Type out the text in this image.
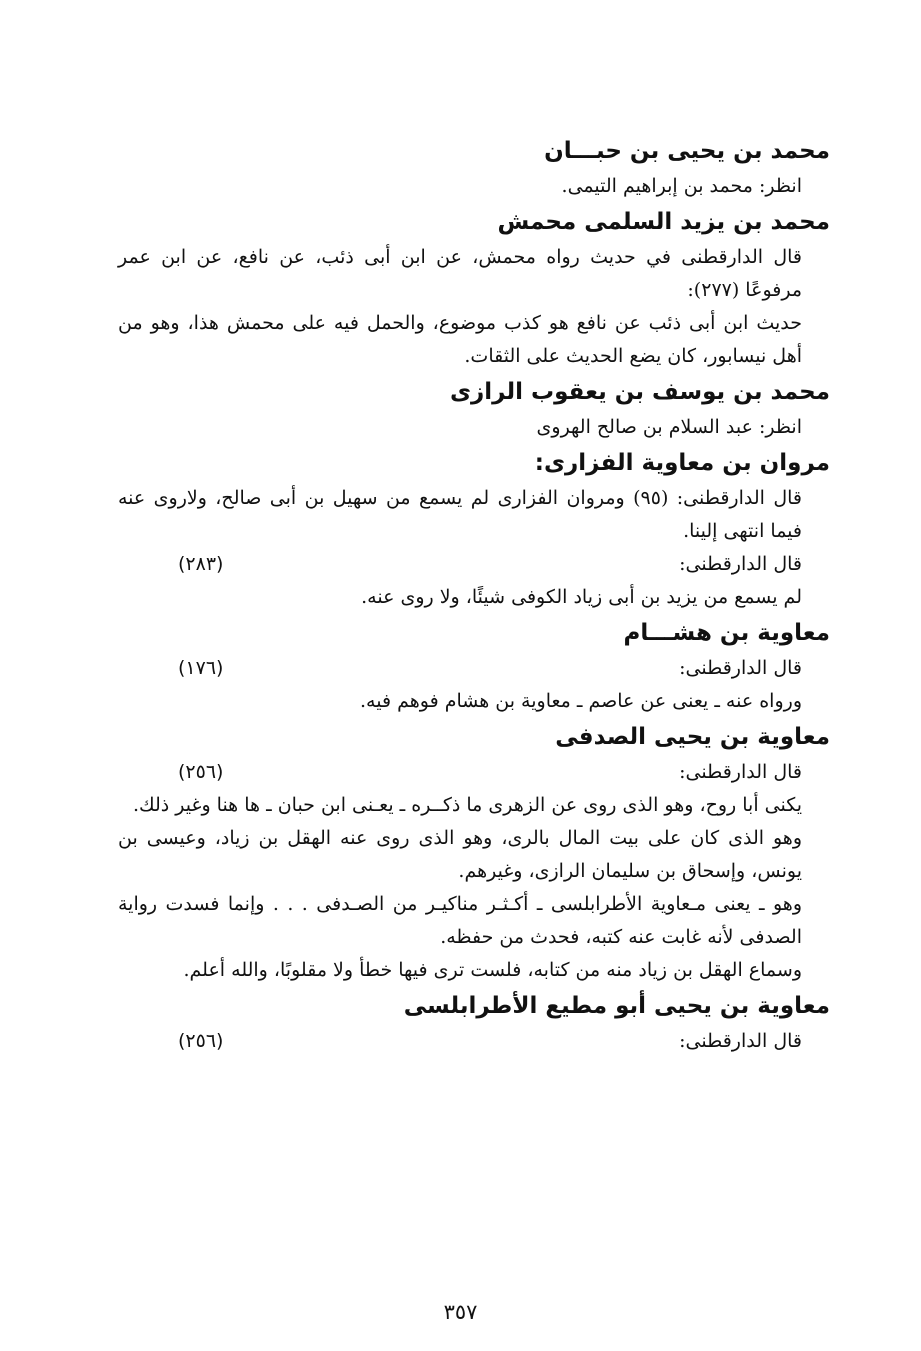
محمد بن يحيى بن حبـــان

انظر: محمد بن إبراهيم التيمى.

محمد بن يزيد السلمى محمش

قال الدارقطنى في حديث رواه محمش، عن ابن أبى ذئب، عن نافع، عن ابن عمر مرفوعًا (٢٧٧):

حديث ابن أبى ذئب عن نافع هو كذب موضوع، والحمل فيه على محمش هذا، وهو من أهل نيسابور، كان يضع الحديث على الثقات.

محمد بن يوسف بن يعقوب الرازى

انظر: عبد السلام بن صالح الهروى

مروان بن معاوية الفزارى:

قال الدارقطنى: (٩٥) ومروان الفزارى لم يسمع من سهيل بن أبى صالح، ولاروى عنه فيما انتهى إلينا.

قال الدارقطنى:
(٢٨٣)

لم يسمع من يزيد بن أبى زياد الكوفى شيئًا، ولا روى عنه.

معاوية بن هشـــام
قال الدارقطنى:
(١٧٦)

ورواه عنه ـ يعنى عن عاصم ـ معاوية بن هشام فوهم فيه.

معاوية بن يحيى الصدفى
قال الدارقطنى:
(٢٥٦)

يكنى أبا روح، وهو الذى روى عن الزهرى ما ذكــره ـ يعـنى ابن حبان ـ ها هنا وغير ذلك.

وهو الذى كان على بيت المال بالرى، وهو الذى روى عنه الهقل بن زياد، وعيسى بن يونس، وإسحاق بن سليمان الرازى، وغيرهم.

وهو ـ يعنى مـعاوية الأطرابلسى ـ أكـثـر مناكيـر من الصـدفى . . . وإنما فسدت رواية الصدفى لأنه غابت عنه كتبه، فحدث من حفظه.

وسماع الهقل بن زياد منه من كتابه، فلست ترى فيها خطأ ولا مقلوبًا، والله أعلم.

معاوية بن يحيى أبو مطيع الأطرابلسى
قال الدارقطنى:
(٢٥٦)
٣٥٧
